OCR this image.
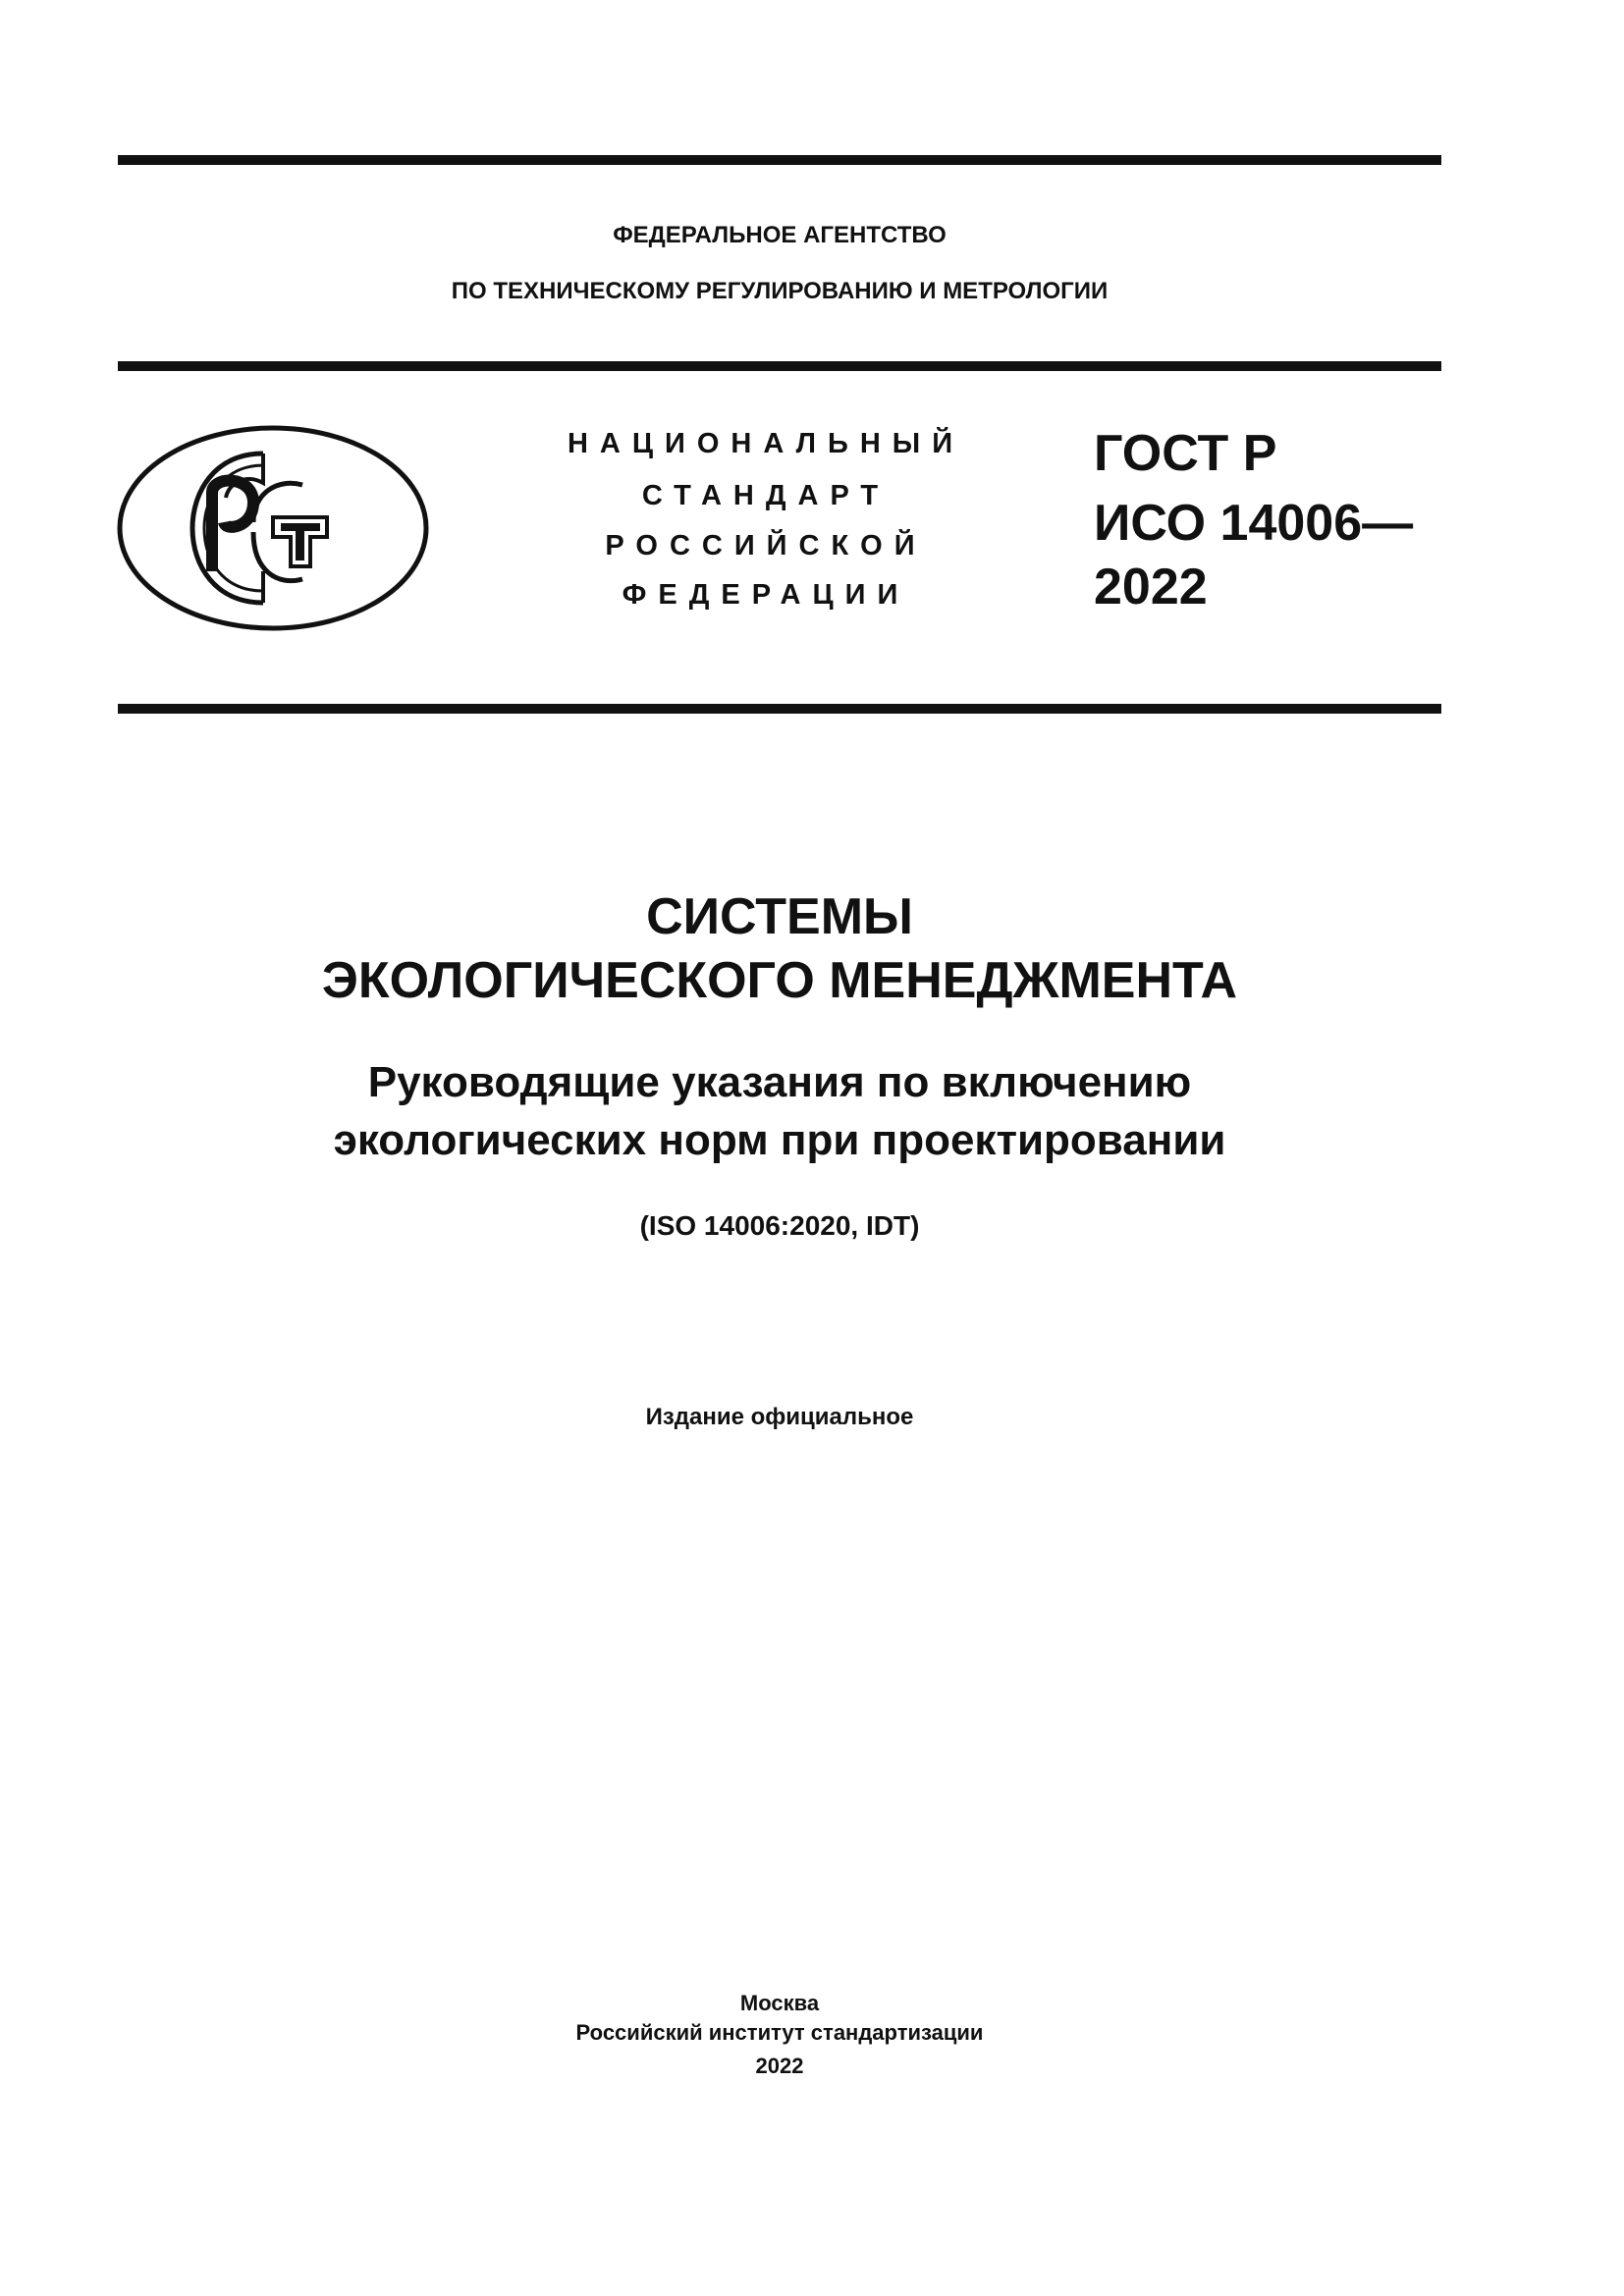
ФЕДЕРАЛЬНОЕ АГЕНТСТВО
ПО ТЕХНИЧЕСКОМУ РЕГУЛИРОВАНИЮ И МЕТРОЛОГИИ
НАЦИОНАЛЬНЫЙ
СТАНДАРТ
РОССИЙСКОЙ
ФЕДЕРАЦИИ
ГОСТ Р
ИСО 14006—
2022
СИСТЕМЫ
ЭКОЛОГИЧЕСКОГО МЕНЕДЖМЕНТА
Руководящие указания по включению
экологических норм при проектировании
(ISO 14006:2020, IDT)
Издание официальное
Москва
Российский институт стандартизации
2022
